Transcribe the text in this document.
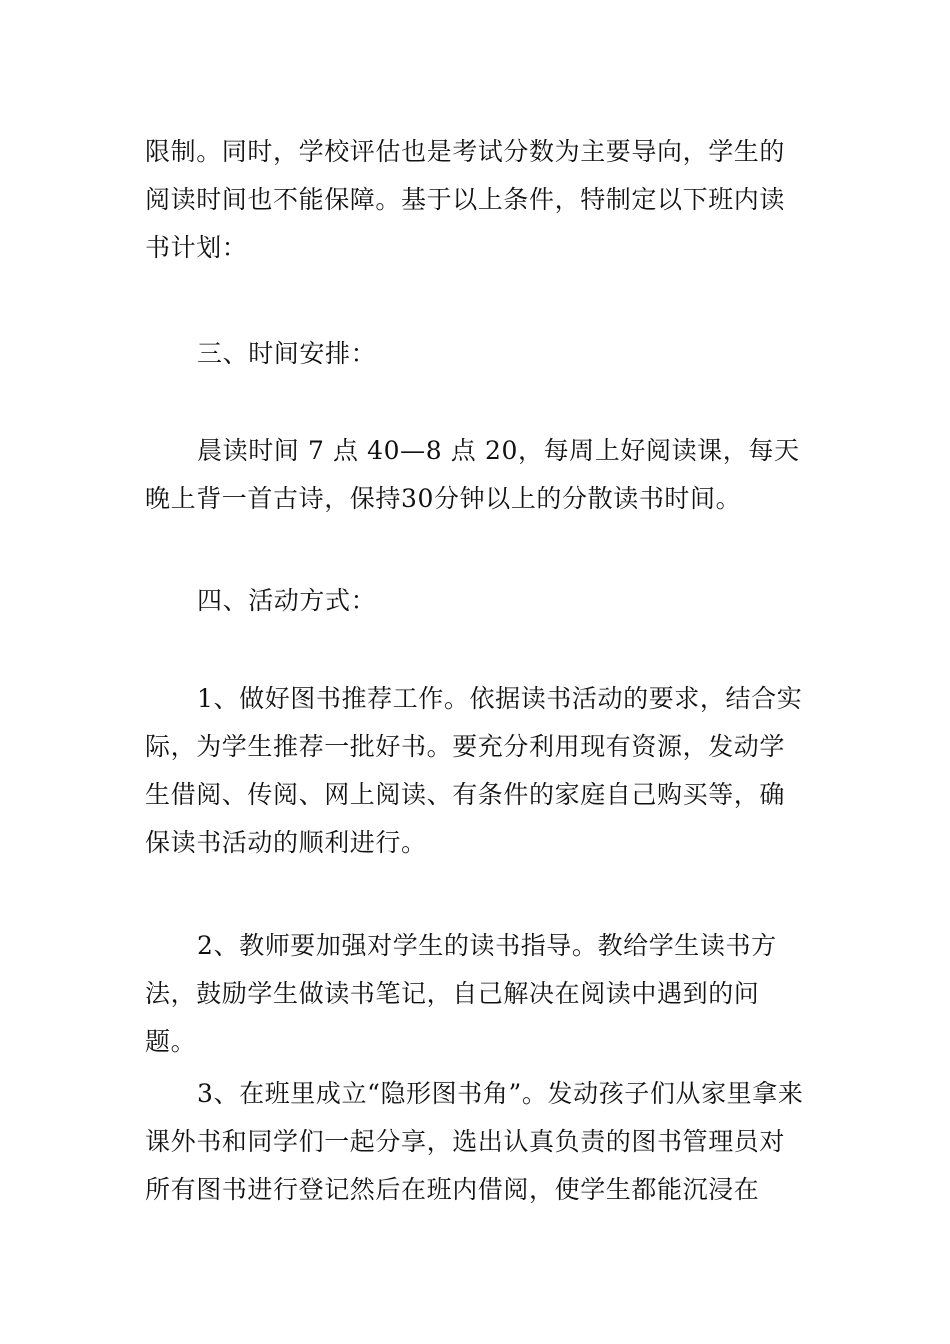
限制。同时，学校评估也是考试分数为主要导向，学生的阅读时间也不能保障。基于以上条件，特制定以下班内读书计划：

三、时间安排：

晨读时间 7 点 40—8 点 20，每周上好阅读课，每天晚上背一首古诗，保持30分钟以上的分散读书时间。

四、活动方式：

1、做好图书推荐工作。依据读书活动的要求，结合实际，为学生推荐一批好书。要充分利用现有资源，发动学生借阅、传阅、网上阅读、有条件的家庭自己购买等，确保读书活动的顺利进行。

2、教师要加强对学生的读书指导。教给学生读书方法，鼓励学生做读书笔记，自己解决在阅读中遇到的问题。

3、在班里成立“隐形图书角”。发动孩子们从家里拿来课外书和同学们一起分享，选出认真负责的图书管理员对所有图书进行登记然后在班内借阅，使学生都能沉浸在
